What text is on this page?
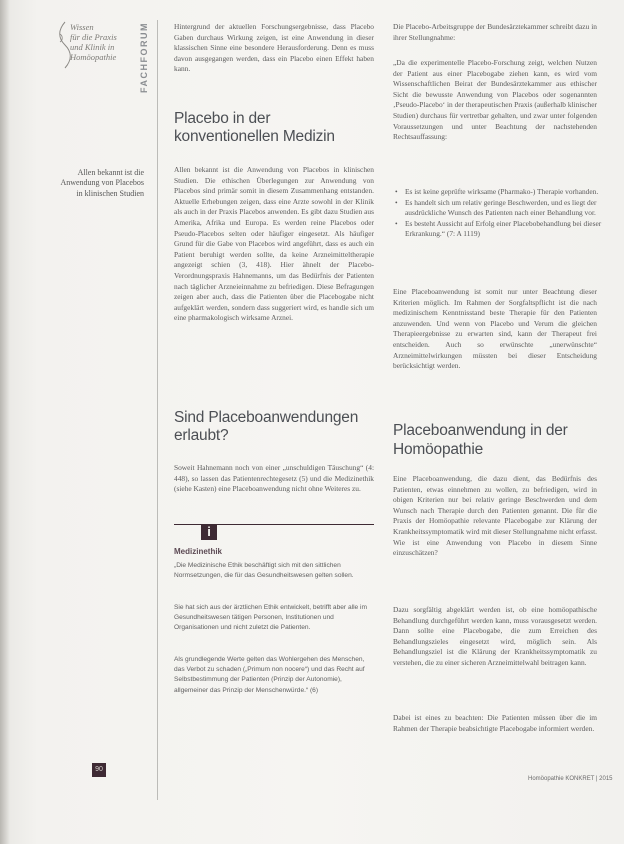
Wissen
für die Praxis
und Klinik in
Homöopathie	FACHFORUM
Allen bekannt ist die Anwendung von Placebos in klinischen Studien

Hintergrund der aktuellen Forschungsergebnisse, dass Placebo Gaben durchaus Wirkung zeigen, ist eine Anwendung in dieser klassischen Sinne eine besondere Herausforderung. Denn es muss davon ausgegangen werden, dass ein Placebo einen Effekt haben kann.

Placebo in der konventionellen Medizin

Allen bekannt ist die Anwendung von Placebos in klinischen Studien. Die ethischen Überlegungen zur Anwendung von Placebos sind primär somit in diesem Zusammenhang entstanden. Aktuelle Erhebungen zeigen, dass eine Arzte sowohl in der Klinik als auch in der Praxis Placebos anwenden. Es gibt dazu Studien aus Amerika, Afrika und Europa. Es werden reine Placebos oder Pseudo-Placebos selten oder häufiger eingesetzt. Als häufiger Grund für die Gabe von Placebos wird angeführt, dass es auch ein Patient beruhigt werden sollte, da keine Arzneimitteltherapie angezeigt schien (3, 418). Hier ähnelt der Placebo-Verordnungspraxis Hahnemanns, um das Bedürfnis der Patienten nach täglicher Arzneieinnahme zu befriedigen. Diese Befragungen zeigen aber auch, dass die Patienten über die Placebogabe nicht aufgeklärt werden, sondern dass suggeriert wird, es handle sich um eine pharmakologisch wirksame Arznei.

Sind Placeboanwendungen erlaubt?

Soweit Hahnemann noch von einer „unschuldigen Täuschung“ (4: 448), so lassen das Patientenrechtegesetz (5) und die Medizinethik (siehe Kasten) eine Placeboanwendung nicht ohne Weiteres zu.

i
Medizinethik
„Die Medizinische Ethik beschäftigt sich mit den sittlichen Normsetzungen, die für das Gesundheitswesen gelten sollen.
Sie hat sich aus der ärztlichen Ethik entwickelt, betrifft aber alle im Gesundheitswesen tätigen Personen, Institutionen und Organisationen und nicht zuletzt die Patienten.
Als grundlegende Werte gelten das Wohlergehen des Menschen, das Verbot zu schaden („Primum non nocere“) und das Recht auf Selbstbestimmung der Patienten (Prinzip der Autonomie), allgemeiner das Prinzip der Menschenwürde.“ (6)

Die Placebo-Arbeitsgruppe der Bundesärztekammer schreibt dazu in ihrer Stellungnahme:

„Da die experimentelle Placebo-Forschung zeigt, welchen Nutzen der Patient aus einer Placebogabe ziehen kann, es wird vom Wissenschaftlichen Beirat der Bundesärztekammer aus ethischer Sicht die bewusste Anwendung von Placebos oder sogenannten ‚Pseudo-Placebo‘ in der therapeutischen Praxis (außerhalb klinischer Studien) durchaus für vertretbar gehalten, und zwar unter folgenden Voraussetzungen und unter Beachtung der nachstehenden Rechtsauffassung:

• Es ist keine geprüfte wirksame (Pharmako-) Therapie vorhanden.
• Es handelt sich um relativ geringe Beschwerden, und es liegt der ausdrückliche Wunsch des Patienten nach einer Behandlung vor.
• Es besteht Aussicht auf Erfolg einer Placebobehandlung bei dieser Erkrankung.“ (7: A 1119)

Eine Placeboanwendung ist somit nur unter Beachtung dieser Kriterien möglich. Im Rahmen der Sorgfaltspflicht ist die nach medizinischem Kenntnisstand beste Therapie für den Patienten anzuwenden. Und wenn von Placebo und Verum die gleichen Therapieergebnisse zu erwarten sind, kann der Therapeut frei entscheiden. Auch so erwünschte „unerwünschte“ Arzneimittelwirkungen müssten bei dieser Entscheidung berücksichtigt werden.

Placeboanwendung in der Homöopathie

Eine Placeboanwendung, die dazu dient, das Bedürfnis des Patienten, etwas einnehmen zu wollen, zu befriedigen, wird in obigen Kriterien nur bei relativ geringe Beschwerden und dem Wunsch nach Therapie durch den Patienten genannt. Die für die Praxis der Homöopathie relevante Placebogabe zur Klärung der Krankheitssymptomatik wird mit dieser Stellungnahme nicht erfasst. Wie ist eine Anwendung von Placebo in diesem Sinne einzuschätzen?

Dazu sorgfältig abgeklärt werden ist, ob eine homöopathische Behandlung durchgeführt werden kann, muss vorausgesetzt werden. Dann sollte eine Placebogabe, die zum Erreichen des Behandlungszieles eingesetzt wird, möglich sein. Als Behandlungsziel ist die Klärung der Krankheitssymptomatik zu verstehen, die zu einer sicheren Arzneimittelwahl beitragen kann.

Dabei ist eines zu beachten: Die Patienten müssen über die im Rahmen der Therapie beabsichtigte Placebogabe informiert werden.

90
Homöopathie KONKRET | 2015
